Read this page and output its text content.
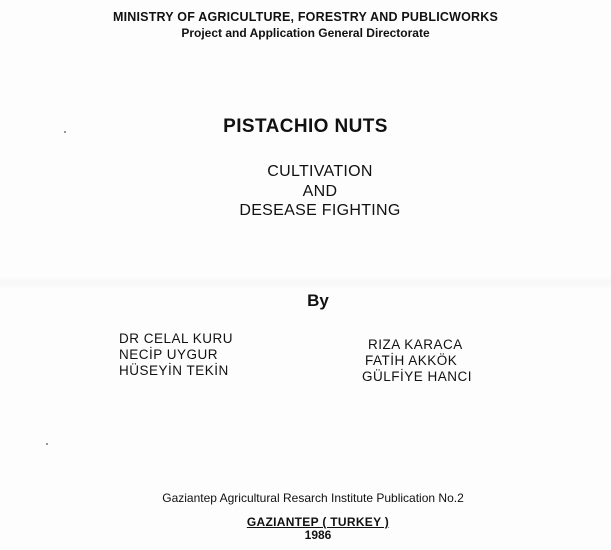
MINISTRY OF AGRICULTURE, FORESTRY AND PUBLICWORKS

Project and Application General Directorate

PISTACHIO NUTS

CULTIVATION

AND

DESEASE FIGHTING

By

DR CELAL KURU

NECİP UYGUR

HÜSEYİN TEKİN

RIZA KARACA

FATİH AKKÖK

GÜLFİYE HANCI

Gaziantep Agricultural Resarch Institute Publication No.2

GAZIANTEP ( TURKEY )

1986
